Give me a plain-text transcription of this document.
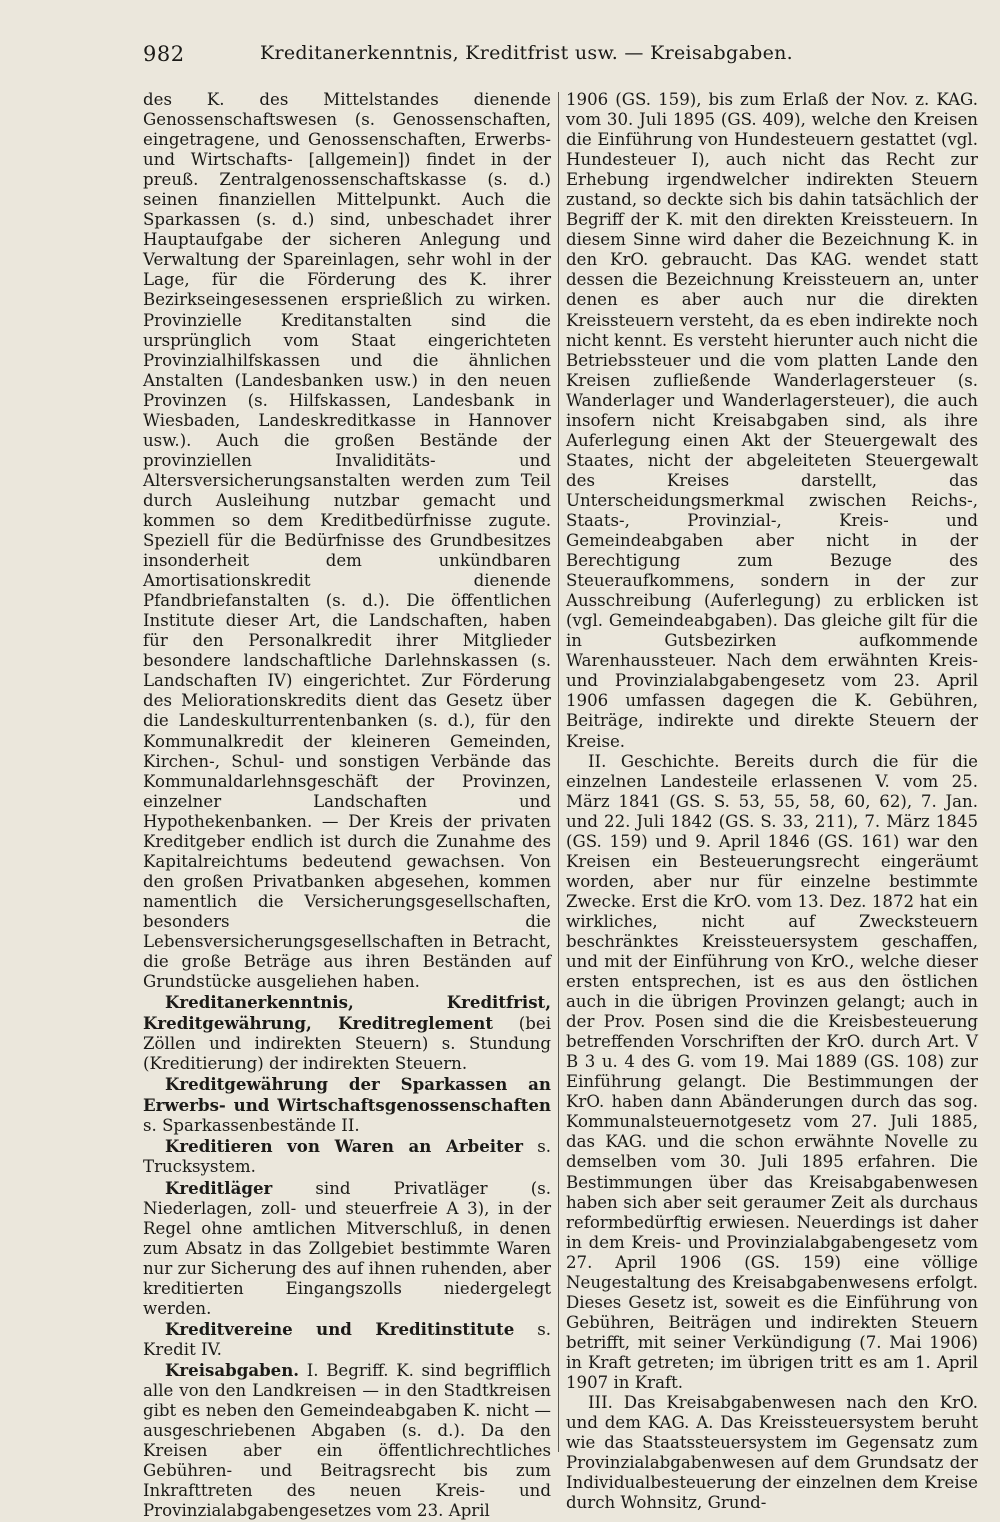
982	Kreditanerkenntnis, Kreditfrist usw. — Kreisabgaben.

des K. des Mittelstandes dienende Genossenschaftswesen (s. Genossenschaften, eingetragene, und Genossenschaften, Erwerbs- und Wirtschafts- [allgemein]) findet in der preuß. Zentralgenossenschaftskasse (s. d.) seinen finanziellen Mittelpunkt. Auch die Sparkassen (s. d.) sind, unbeschadet ihrer Hauptaufgabe der sicheren Anlegung und Verwaltung der Spareinlagen, sehr wohl in der Lage, für die Förderung des K. ihrer Bezirkseingesessenen ersprießlich zu wirken. Provinzielle Kreditanstalten sind die ursprünglich vom Staat eingerichteten Provinzialhilfskassen und die ähnlichen Anstalten (Landesbanken usw.) in den neuen Provinzen (s. Hilfskassen, Landesbank in Wiesbaden, Landeskreditkasse in Hannover usw.). Auch die großen Bestände der provinziellen Invaliditäts- und Altersversicherungsanstalten werden zum Teil durch Ausleihung nutzbar gemacht und kommen so dem Kreditbedürfnisse zugute. Speziell für die Bedürfnisse des Grundbesitzes insonderheit dem unkündbaren Amortisationskredit dienende Pfandbriefanstalten (s. d.). Die öffentlichen Institute dieser Art, die Landschaften, haben für den Personalkredit ihrer Mitglieder besondere landschaftliche Darlehnskassen (s. Landschaften IV) eingerichtet. Zur Förderung des Meliorationskredits dient das Gesetz über die Landeskulturrentenbanken (s. d.), für den Kommunalkredit der kleineren Gemeinden, Kirchen-, Schul- und sonstigen Verbände das Kommunaldarlehnsgeschäft der Provinzen, einzelner Landschaften und Hypothekenbanken. — Der Kreis der privaten Kreditgeber endlich ist durch die Zunahme des Kapitalreichtums bedeutend gewachsen. Von den großen Privatbanken abgesehen, kommen namentlich die Versicherungsgesellschaften, besonders die Lebensversicherungsgesellschaften in Betracht, die große Beträge aus ihren Beständen auf Grundstücke ausgeliehen haben.

Kreditanerkenntnis, Kreditfrist, Kreditgewährung, Kreditreglement (bei Zöllen und indirekten Steuern) s. Stundung (Kreditierung) der indirekten Steuern.

Kreditgewährung der Sparkassen an Erwerbs- und Wirtschaftsgenossenschaften s. Sparkassenbestände II.

Kreditieren von Waren an Arbeiter s. Trucksystem.

Kreditläger sind Privatläger (s. Niederlagen, zoll- und steuerfreie A 3), in der Regel ohne amtlichen Mitverschluß, in denen zum Absatz in das Zollgebiet bestimmte Waren nur zur Sicherung des auf ihnen ruhenden, aber kreditierten Eingangszolls niedergelegt werden.

Kreditvereine und Kreditinstitute s. Kredit IV.

Kreisabgaben. I. Begriff. K. sind begrifflich alle von den Landkreisen — in den Stadtkreisen gibt es neben den Gemeindeabgaben K. nicht — ausgeschriebenen Abgaben (s. d.). Da den Kreisen aber ein öffentlichrechtliches Gebühren- und Beitragsrecht bis zum Inkrafttreten des neuen Kreis- und Provinzialabgabengesetzes vom 23. April

1906 (GS. 159), bis zum Erlaß der Nov. z. KAG. vom 30. Juli 1895 (GS. 409), welche den Kreisen die Einführung von Hundesteuern gestattet (vgl. Hundesteuer I), auch nicht das Recht zur Erhebung irgendwelcher indirekten Steuern zustand, so deckte sich bis dahin tatsächlich der Begriff der K. mit den direkten Kreissteuern. In diesem Sinne wird daher die Bezeichnung K. in den KrO. gebraucht. Das KAG. wendet statt dessen die Bezeichnung Kreissteuern an, unter denen es aber auch nur die direkten Kreissteuern versteht, da es eben indirekte noch nicht kennt. Es versteht hierunter auch nicht die Betriebssteuer und die vom platten Lande den Kreisen zufließende Wanderlagersteuer (s. Wanderlager und Wanderlagersteuer), die auch insofern nicht Kreisabgaben sind, als ihre Auferlegung einen Akt der Steuergewalt des Staates, nicht der abgeleiteten Steuergewalt des Kreises darstellt, das Unterscheidungsmerkmal zwischen Reichs-, Staats-, Provinzial-, Kreis- und Gemeindeabgaben aber nicht in der Berechtigung zum Bezuge des Steueraufkommens, sondern in der zur Ausschreibung (Auferlegung) zu erblicken ist (vgl. Gemeindeabgaben). Das gleiche gilt für die in Gutsbezirken aufkommende Warenhaussteuer. Nach dem erwähnten Kreis- und Provinzialabgabengesetz vom 23. April 1906 umfassen dagegen die K. Gebühren, Beiträge, indirekte und direkte Steuern der Kreise.

II. Geschichte. Bereits durch die für die einzelnen Landesteile erlassenen V. vom 25. März 1841 (GS. S. 53, 55, 58, 60, 62), 7. Jan. und 22. Juli 1842 (GS. S. 33, 211), 7. März 1845 (GS. 159) und 9. April 1846 (GS. 161) war den Kreisen ein Besteuerungsrecht eingeräumt worden, aber nur für einzelne bestimmte Zwecke. Erst die KrO. vom 13. Dez. 1872 hat ein wirkliches, nicht auf Zwecksteuern beschränktes Kreissteuersystem geschaffen, und mit der Einführung von KrO., welche dieser ersten entsprechen, ist es aus den östlichen auch in die übrigen Provinzen gelangt; auch in der Prov. Posen sind die die Kreisbesteuerung betreffenden Vorschriften der KrO. durch Art. V B 3 u. 4 des G. vom 19. Mai 1889 (GS. 108) zur Einführung gelangt. Die Bestimmungen der KrO. haben dann Abänderungen durch das sog. Kommunalsteuernotgesetz vom 27. Juli 1885, das KAG. und die schon erwähnte Novelle zu demselben vom 30. Juli 1895 erfahren. Die Bestimmungen über das Kreisabgabenwesen haben sich aber seit geraumer Zeit als durchaus reformbedürftig erwiesen. Neuerdings ist daher in dem Kreis- und Provinzialabgabengesetz vom 27. April 1906 (GS. 159) eine völlige Neugestaltung des Kreisabgabenwesens erfolgt. Dieses Gesetz ist, soweit es die Einführung von Gebühren, Beiträgen und indirekten Steuern betrifft, mit seiner Verkündigung (7. Mai 1906) in Kraft getreten; im übrigen tritt es am 1. April 1907 in Kraft.

III. Das Kreisabgabenwesen nach den KrO. und dem KAG. A. Das Kreissteuersystem beruht wie das Staatssteuersystem im Gegensatz zum Provinzialabgabenwesen auf dem Grundsatz der Individualbesteuerung der einzelnen dem Kreise durch Wohnsitz, Grund-
